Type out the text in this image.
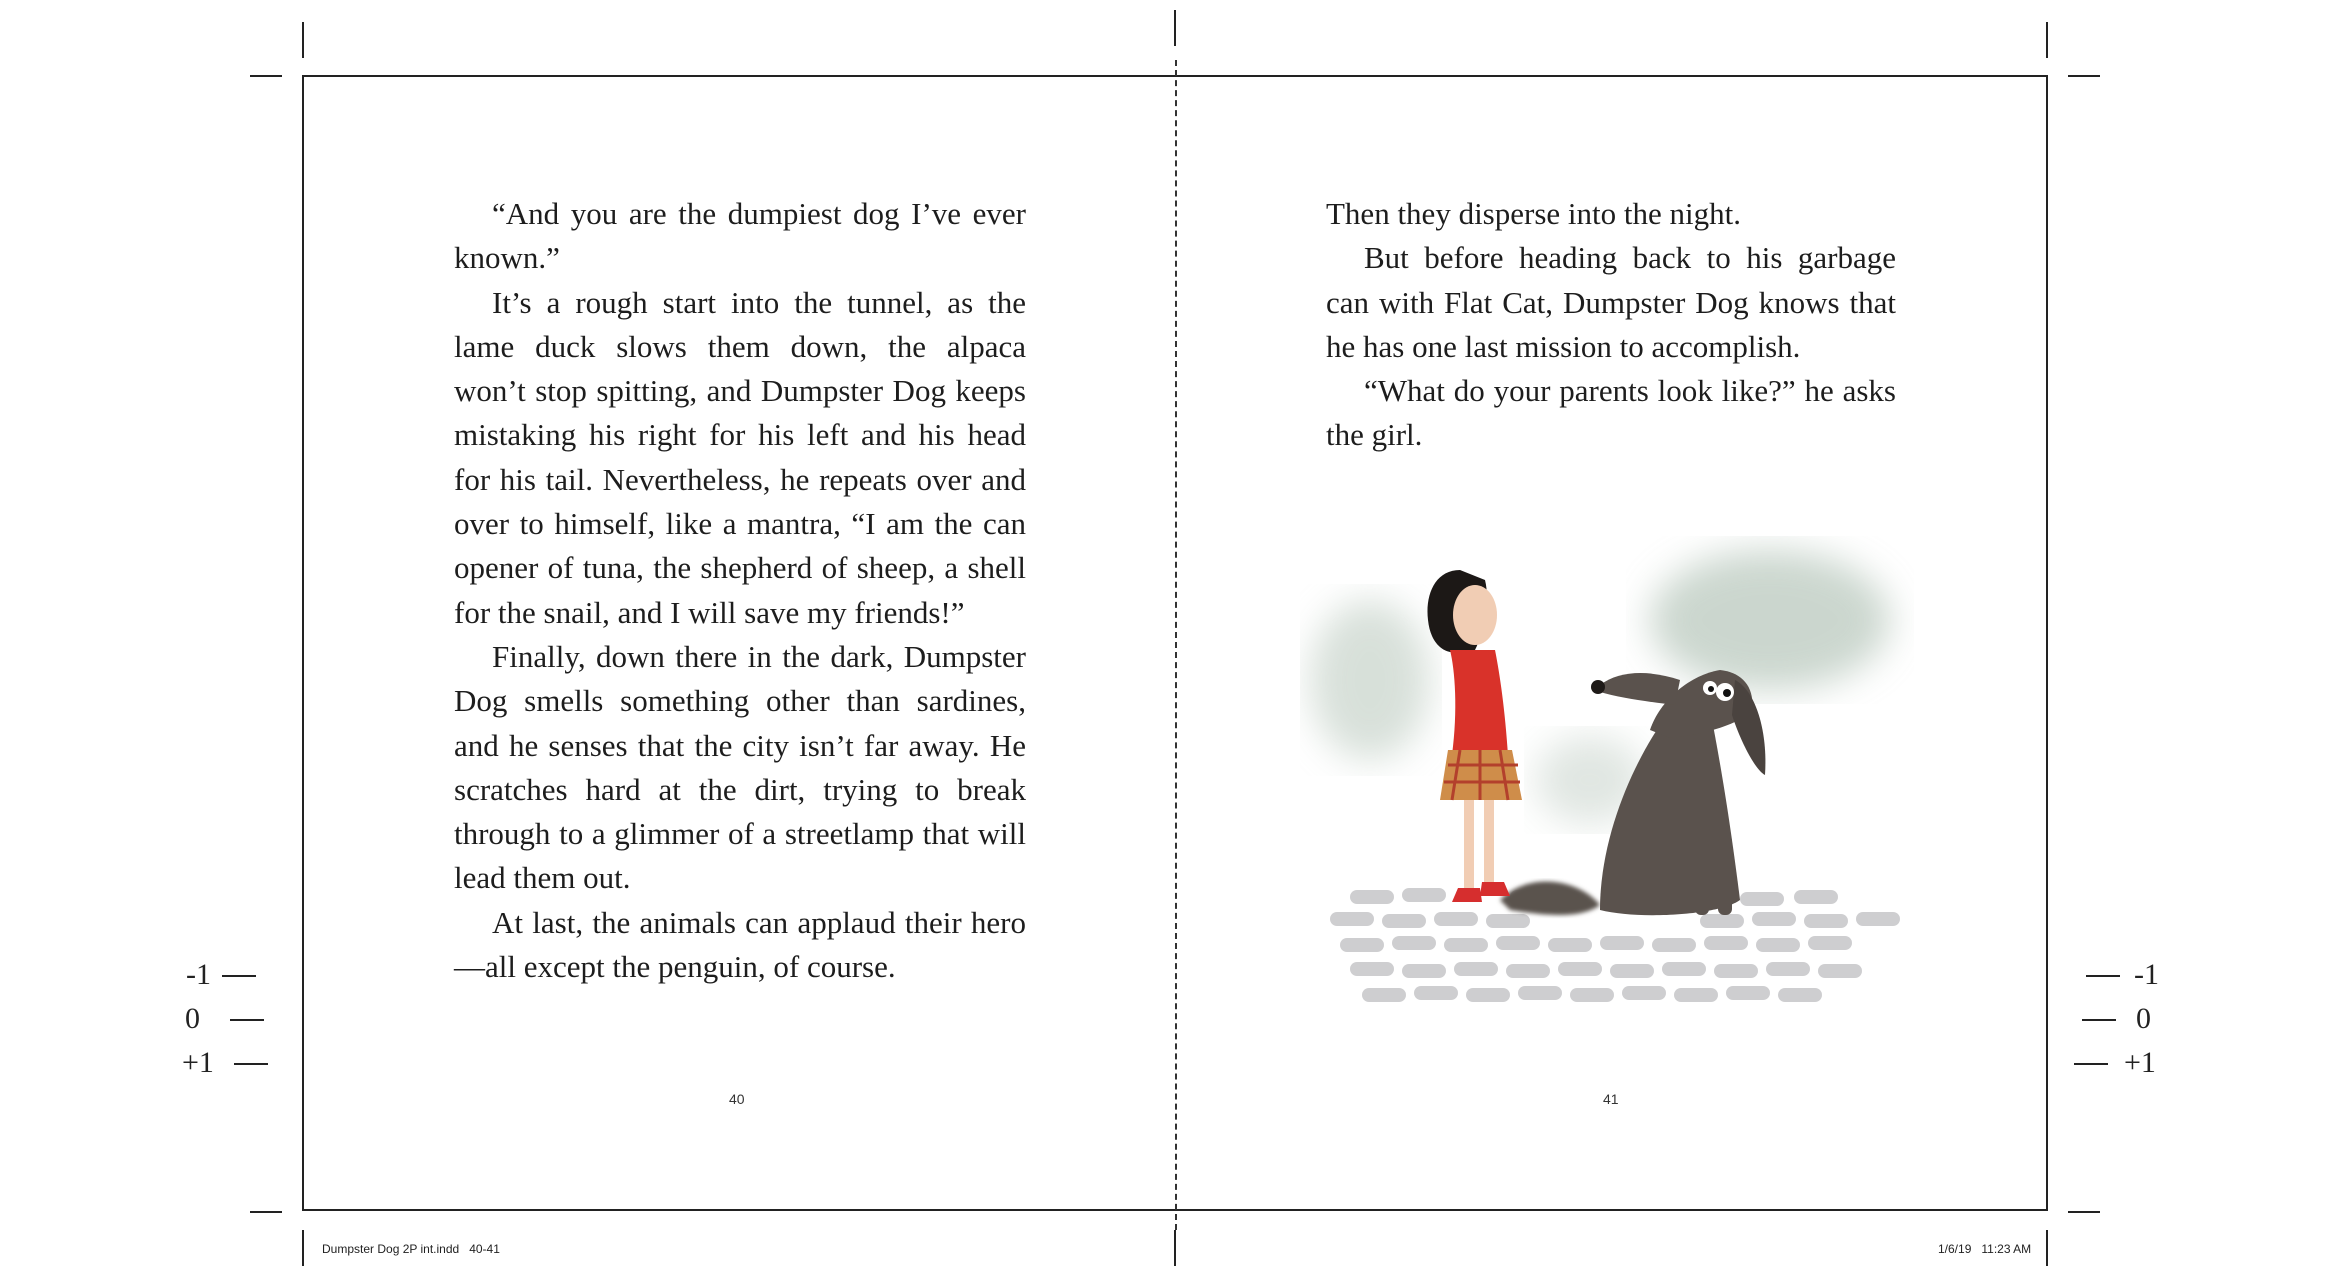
“And you are the dumpiest dog I’ve ever known.”

It’s a rough start into the tunnel, as the lame duck slows them down, the alpaca won’t stop spitting, and Dumpster Dog keeps mistaking his right for his left and his head for his tail. Nevertheless, he repeats over and over to himself, like a mantra, “I am the can opener of tuna, the shepherd of sheep, a shell for the snail, and I will save my friends!”

Finally, down there in the dark, Dumpster Dog smells something other than sardines, and he senses that the city isn’t far away. He scratches hard at the dirt, trying to break through to a glimmer of a streetlamp that will lead them out.

At last, the animals can applaud their hero—all except the penguin, of course.

Then they disperse into the night.

But before heading back to his garbage can with Flat Cat, Dumpster Dog knows that he has one last mission to accomplish.

“What do your parents look like?” he asks the girl.

40	41
-1
0
+1
-1
0
+1
Dumpster Dog 2P int.indd   40-41	1/6/19   11:23 AM
